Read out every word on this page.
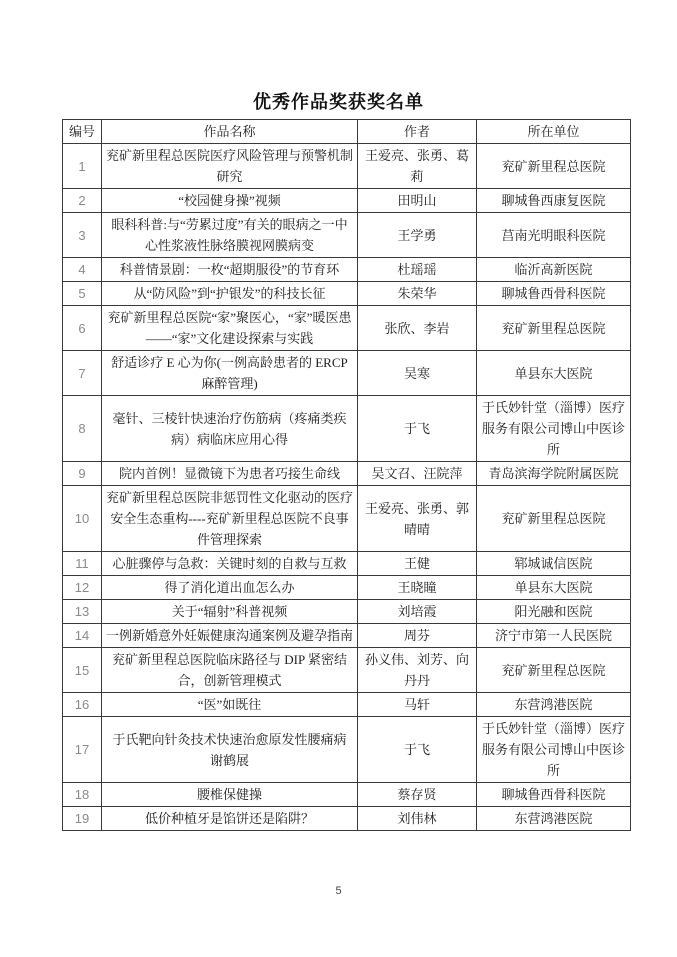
优秀作品奖获奖名单
编号	作品名称	作者	所在单位
1	兖矿新里程总医院医疗风险管理与预警机制研究	王爱亮、张勇、葛莉	兖矿新里程总医院
2	“校园健身操”视频	田明山	聊城鲁西康复医院
3	眼科科普:与“劳累过度”有关的眼病之一中心性浆液性脉络膜视网膜病变	王学勇	莒南光明眼科医院
4	科普情景剧：一枚“超期服役”的节育环	杜瑶瑶	临沂高新医院
5	从“防风险”到“护银发”的科技长征	朱荣华	聊城鲁西骨科医院
6	兖矿新里程总医院“家”聚医心，“家”暖医患——“家”文化建设探索与实践	张欣、李岩	兖矿新里程总医院
7	舒适诊疗 E 心为你(一例高龄患者的 ERCP 麻醉管理)	吴寒	单县东大医院
8	毫针、三棱针快速治疗伤筋病（疼痛类疾病）病临床应用心得	于飞	于氏妙针堂（淄博）医疗服务有限公司博山中医诊所
9	院内首例！显微镜下为患者巧接生命线	吴文召、汪院萍	青岛滨海学院附属医院
10	兖矿新里程总医院非惩罚性文化驱动的医疗安全生态重构----兖矿新里程总医院不良事件管理探索	王爱亮、张勇、郭晴晴	兖矿新里程总医院
11	心脏骤停与急救：关键时刻的自救与互救	王健	郓城诚信医院
12	得了消化道出血怎么办	王晓瞳	单县东大医院
13	关于“辐射”科普视频	刘培霞	阳光融和医院
14	一例新婚意外妊娠健康沟通案例及避孕指南	周芬	济宁市第一人民医院
15	兖矿新里程总医院临床路径与 DIP 紧密结合，创新管理模式	孙义伟、刘芳、向丹丹	兖矿新里程总医院
16	“医”如既往	马轩	东营鸿港医院
17	于氏靶向针灸技术快速治愈原发性腰痛病　谢鹤展	于飞	于氏妙针堂（淄博）医疗服务有限公司博山中医诊所
18	腰椎保健操	蔡存贤	聊城鲁西骨科医院
19	低价种植牙是馅饼还是陷阱？	刘伟林	东营鸿港医院
5
